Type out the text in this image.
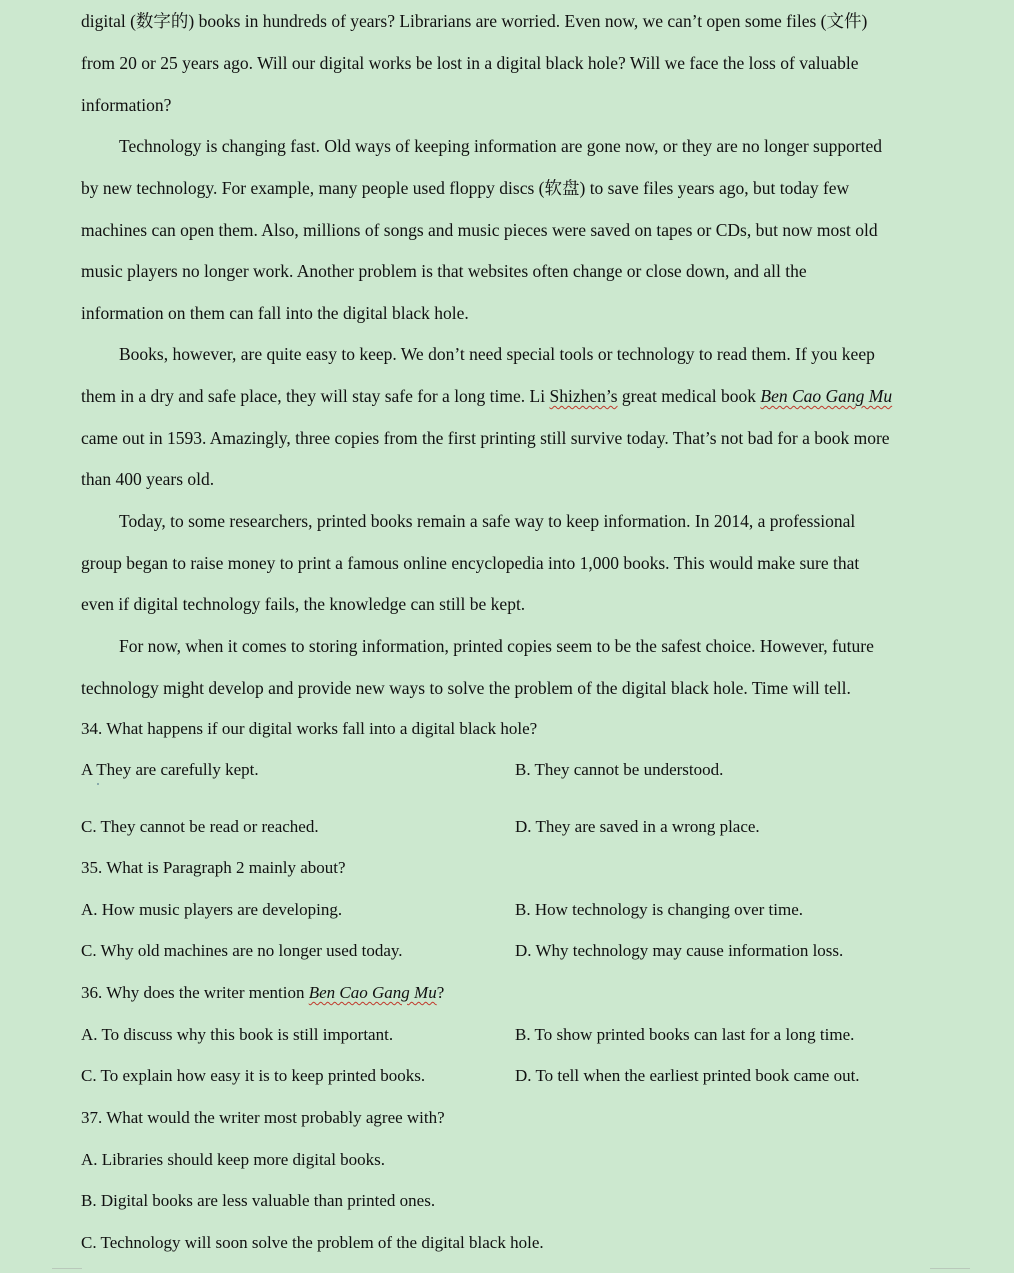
digital (数字的) books in hundreds of years? Librarians are worried. Even now, we can’t open some files (文件)
from 20 or 25 years ago. Will our digital works be lost in a digital black hole? Will we face the loss of valuable
information?
Technology is changing fast. Old ways of keeping information are gone now, or they are no longer supported
by new technology. For example, many people used floppy discs (软盘) to save files years ago, but today few
machines can open them. Also, millions of songs and music pieces were saved on tapes or CDs, but now most old
music players no longer work. Another problem is that websites often change or close down, and all the
information on them can fall into the digital black hole.
Books, however, are quite easy to keep. We don’t need special tools or technology to read them. If you keep
them in a dry and safe place, they will stay safe for a long time. Li Shizhen’s great medical book Ben Cao Gang Mu
came out in 1593. Amazingly, three copies from the first printing still survive today. That’s not bad for a book more
than 400 years old.
Today, to some researchers, printed books remain a safe way to keep information. In 2014, a professional
group began to raise money to print a famous online encyclopedia into 1,000 books. This would make sure that
even if digital technology fails, the knowledge can still be kept.
For now, when it comes to storing information, printed copies seem to be the safest choice. However, future
technology might develop and provide new ways to solve the problem of the digital black hole. Time will tell.
34. What happens if our digital works fall into a digital black hole?
A They are carefully kept.	B. They cannot be understood.
C. They cannot be read or reached.	D. They are saved in a wrong place.
35. What is Paragraph 2 mainly about?
A. How music players are developing.	B. How technology is changing over time.
C. Why old machines are no longer used today.	D. Why technology may cause information loss.
36. Why does the writer mention Ben Cao Gang Mu?
A. To discuss why this book is still important.	B. To show printed books can last for a long time.
C. To explain how easy it is to keep printed books.	D. To tell when the earliest printed book came out.
37. What would the writer most probably agree with?
A. Libraries should keep more digital books.
B. Digital books are less valuable than printed ones.
C. Technology will soon solve the problem of the digital black hole.
